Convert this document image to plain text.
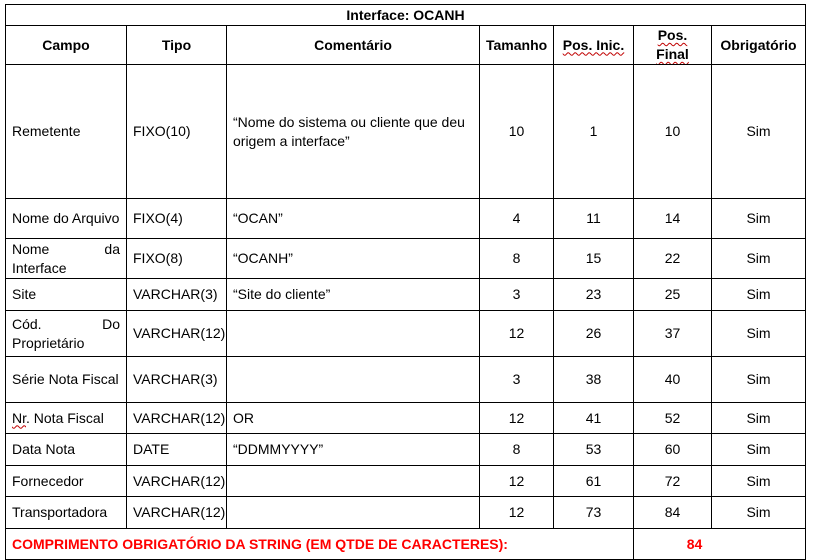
Interface: OCANH						
Campo	Tipo	Comentário	Tamanho	Pos. Inic.	Pos. Final	Obrigatório
Remetente	FIXO(10)	“Nome do sistema ou cliente que deu origem a interface”	10	1	10	Sim
Nome do Arquivo	FIXO(4)	“OCAN”	4	11	14	Sim
Nome da Interface	FIXO(8)	“OCANH”	8	15	22	Sim
Site	VARCHAR(3)	“Site do cliente”	3	23	25	Sim
Cód. Do Proprietário	VARCHAR(12)		12	26	37	Sim
Série Nota Fiscal	VARCHAR(3)		3	38	40	Sim
Nr. Nota Fiscal	VARCHAR(12)	OR	12	41	52	Sim
Data Nota	DATE	“DDMMYYYY”	8	53	60	Sim
Fornecedor	VARCHAR(12)		12	61	72	Sim
Transportadora	VARCHAR(12)		12	73	84	Sim
COMPRIMENTO OBRIGATÓRIO DA STRING (EM QTDE DE CARACTERES):					84	
